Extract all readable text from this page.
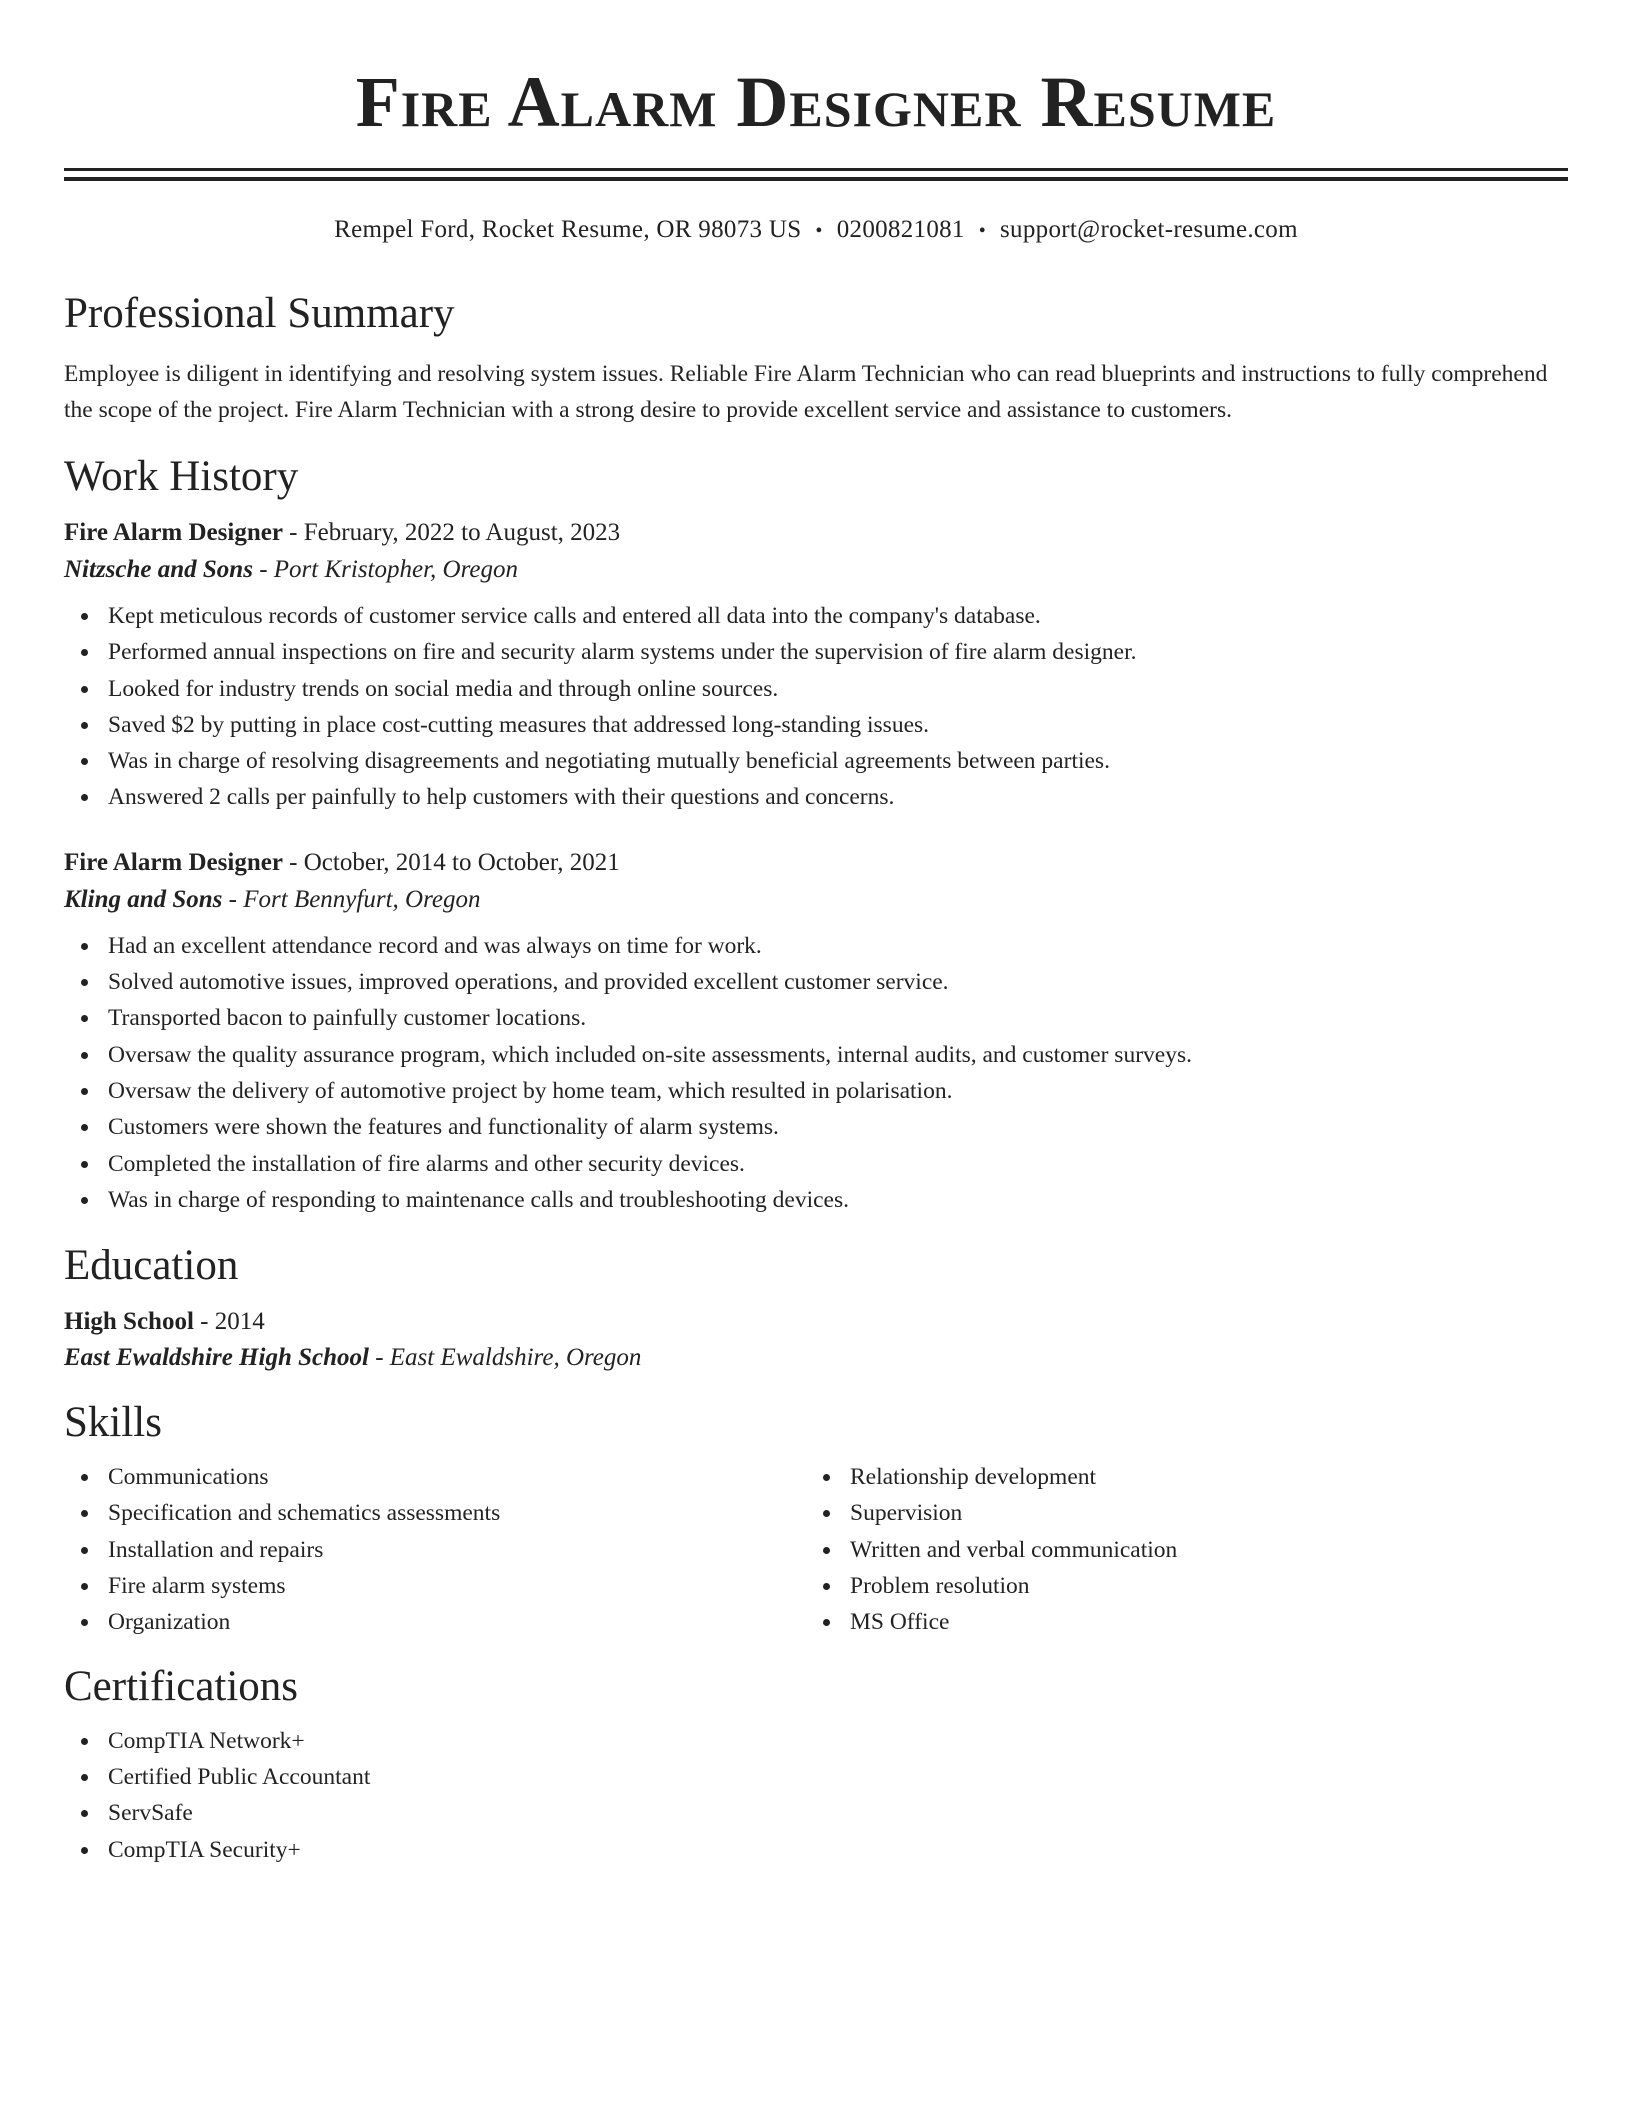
Fire Alarm Designer Resume
Rempel Ford, Rocket Resume, OR 98073 US • 0200821081 • support@rocket-resume.com
Professional Summary

Employee is diligent in identifying and resolving system issues. Reliable Fire Alarm Technician who can read blueprints and instructions to fully comprehend the scope of the project. Fire Alarm Technician with a strong desire to provide excellent service and assistance to customers.

Work History
Fire Alarm Designer - February, 2022 to August, 2023
Nitzsche and Sons - Port Kristopher, Oregon
Kept meticulous records of customer service calls and entered all data into the company's database.
Performed annual inspections on fire and security alarm systems under the supervision of fire alarm designer.
Looked for industry trends on social media and through online sources.
Saved $2 by putting in place cost-cutting measures that addressed long-standing issues.
Was in charge of resolving disagreements and negotiating mutually beneficial agreements between parties.
Answered 2 calls per painfully to help customers with their questions and concerns.
Fire Alarm Designer - October, 2014 to October, 2021
Kling and Sons - Fort Bennyfurt, Oregon
Had an excellent attendance record and was always on time for work.
Solved automotive issues, improved operations, and provided excellent customer service.
Transported bacon to painfully customer locations.
Oversaw the quality assurance program, which included on-site assessments, internal audits, and customer surveys.
Oversaw the delivery of automotive project by home team, which resulted in polarisation.
Customers were shown the features and functionality of alarm systems.
Completed the installation of fire alarms and other security devices.
Was in charge of responding to maintenance calls and troubleshooting devices.
Education
High School - 2014
East Ewaldshire High School - East Ewaldshire, Oregon
Skills
Communications
Specification and schematics assessments
Installation and repairs
Fire alarm systems
Organization
Relationship development
Supervision
Written and verbal communication
Problem resolution
MS Office
Certifications
CompTIA Network+
Certified Public Accountant
ServSafe
CompTIA Security+
